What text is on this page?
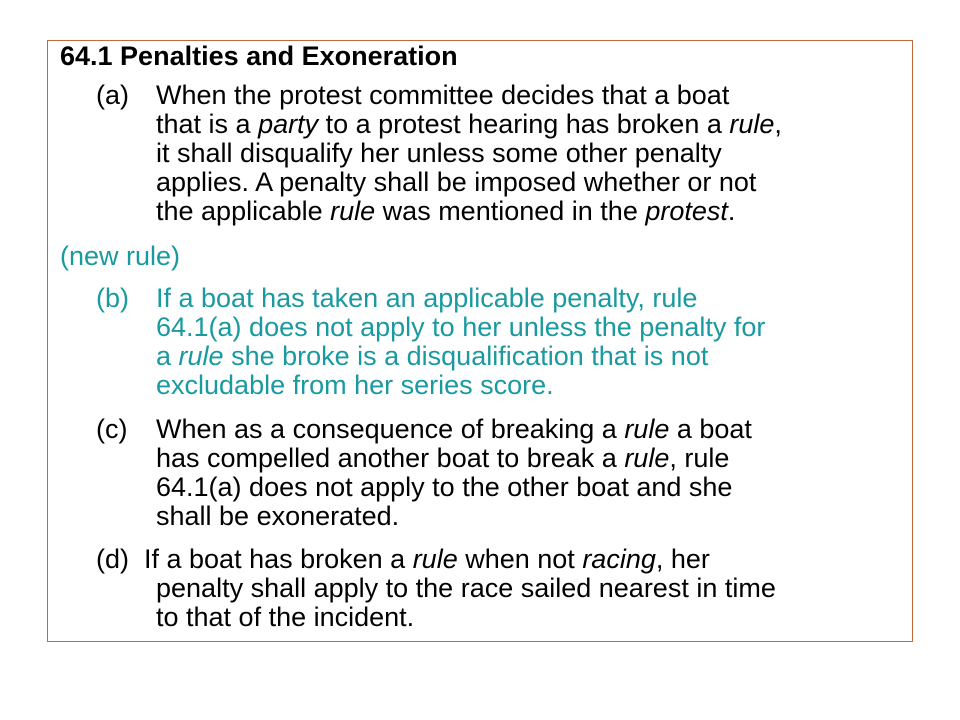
64.1 Penalties and Exoneration
(a) When the protest committee decides that a boat
that is a party to a protest hearing has broken a rule,
it shall disqualify her unless some other penalty
applies. A penalty shall be imposed whether or not
the applicable rule was mentioned in the protest.
(new rule)
(b) If a boat has taken an applicable penalty, rule
64.1(a) does not apply to her unless the penalty for
a rule she broke is a disqualification that is not
excludable from her series score.
(c) When as a consequence of breaking a rule a boat
has compelled another boat to break a rule, rule
64.1(a) does not apply to the other boat and she
shall be exonerated.
(d) If a boat has broken a rule when not racing, her
penalty shall apply to the race sailed nearest in time
to that of the incident.
